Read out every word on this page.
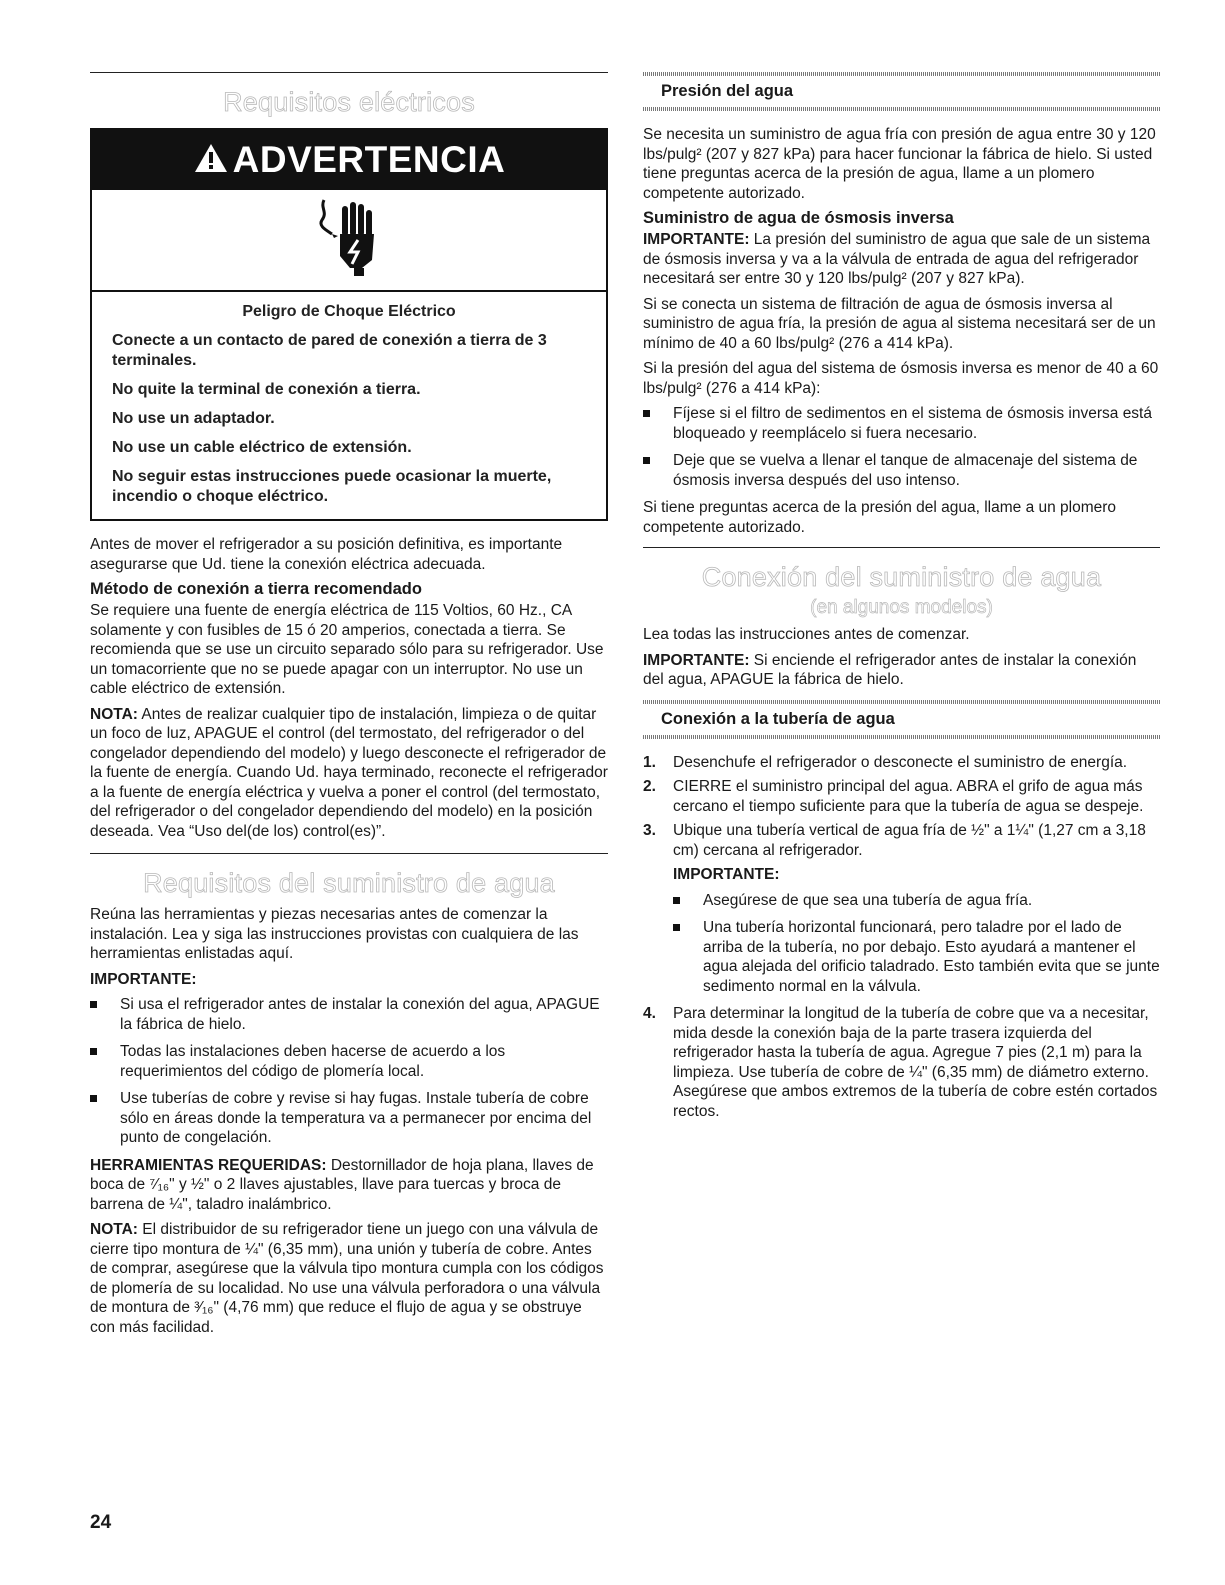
Requisitos eléctricos
ADVERTENCIA

Peligro de Choque Eléctrico

Conecte a un contacto de pared de conexión a tierra de 3 terminales.

No quite la terminal de conexión a tierra.

No use un adaptador.

No use un cable eléctrico de extensión.

No seguir estas instrucciones puede ocasionar la muerte, incendio o choque eléctrico.

Antes de mover el refrigerador a su posición definitiva, es importante asegurarse que Ud. tiene la conexión eléctrica adecuada.

Método de conexión a tierra recomendado

Se requiere una fuente de energía eléctrica de 115 Voltios, 60 Hz., CA solamente y con fusibles de 15 ó 20 amperios, conectada a tierra. Se recomienda que se use un circuito separado sólo para su refrigerador. Use un tomacorriente que no se puede apagar con un interruptor. No use un cable eléctrico de extensión.

NOTA: Antes de realizar cualquier tipo de instalación, limpieza o de quitar un foco de luz, APAGUE el control (del termostato, del refrigerador o del congelador dependiendo del modelo) y luego desconecte el refrigerador de la fuente de energía. Cuando Ud. haya terminado, reconecte el refrigerador a la fuente de energía eléctrica y vuelva a poner el control (del termostato, del refrigerador o del congelador dependiendo del modelo) en la posición deseada. Vea “Uso del(de los) control(es)”.

Requisitos del suministro de agua

Reúna las herramientas y piezas necesarias antes de comenzar la instalación. Lea y siga las instrucciones provistas con cualquiera de las herramientas enlistadas aquí.

IMPORTANTE:

Si usa el refrigerador antes de instalar la conexión del agua, APAGUE la fábrica de hielo.
Todas las instalaciones deben hacerse de acuerdo a los requerimientos del código de plomería local.
Use tuberías de cobre y revise si hay fugas. Instale tubería de cobre sólo en áreas donde la temperatura va a permanecer por encima del punto de congelación.

HERRAMIENTAS REQUERIDAS: Destornillador de hoja plana, llaves de boca de ⁷⁄₁₆" y ½" o 2 llaves ajustables, llave para tuercas y broca de barrena de ¼", taladro inalámbrico.

NOTA: El distribuidor de su refrigerador tiene un juego con una válvula de cierre tipo montura de ¼" (6,35 mm), una unión y tubería de cobre. Antes de comprar, asegúrese que la válvula tipo montura cumpla con los códigos de plomería de su localidad. No use una válvula perforadora o una válvula de montura de ³⁄₁₆" (4,76 mm) que reduce el flujo de agua y se obstruye con más facilidad.

Presión del agua

Se necesita un suministro de agua fría con presión de agua entre 30 y 120 lbs/pulg² (207 y 827 kPa) para hacer funcionar la fábrica de hielo. Si usted tiene preguntas acerca de la presión de agua, llame a un plomero competente autorizado.

Suministro de agua de ósmosis inversa

IMPORTANTE: La presión del suministro de agua que sale de un sistema de ósmosis inversa y va a la válvula de entrada de agua del refrigerador necesitará ser entre 30 y 120 lbs/pulg² (207 y 827 kPa).

Si se conecta un sistema de filtración de agua de ósmosis inversa al suministro de agua fría, la presión de agua al sistema necesitará ser de un mínimo de 40 a 60 lbs/pulg² (276 a 414 kPa).

Si la presión del agua del sistema de ósmosis inversa es menor de 40 a 60 lbs/pulg² (276 a 414 kPa):

Fíjese si el filtro de sedimentos en el sistema de ósmosis inversa está bloqueado y reemplácelo si fuera necesario.
Deje que se vuelva a llenar el tanque de almacenaje del sistema de ósmosis inversa después del uso intenso.

Si tiene preguntas acerca de la presión del agua, llame a un plomero competente autorizado.

Conexión del suministro de agua
(en algunos modelos)

Lea todas las instrucciones antes de comenzar.

IMPORTANTE: Si enciende el refrigerador antes de instalar la conexión del agua, APAGUE la fábrica de hielo.

Conexión a la tubería de agua
1. Desenchufe el refrigerador o desconecte el suministro de energía.
2. CIERRE el suministro principal del agua. ABRA el grifo de agua más cercano el tiempo suficiente para que la tubería de agua se despeje.
3. Ubique una tubería vertical de agua fría de ½" a 1¼" (1,27 cm a 3,18 cm) cercana al refrigerador.

IMPORTANTE:

Asegúrese de que sea una tubería de agua fría.
Una tubería horizontal funcionará, pero taladre por el lado de arriba de la tubería, no por debajo. Esto ayudará a mantener el agua alejada del orificio taladrado. Esto también evita que se junte sedimento normal en la válvula.
4. Para determinar la longitud de la tubería de cobre que va a necesitar, mida desde la conexión baja de la parte trasera izquierda del refrigerador hasta la tubería de agua. Agregue 7 pies (2,1 m) para la limpieza. Use tubería de cobre de ¼" (6,35 mm) de diámetro externo. Asegúrese que ambos extremos de la tubería de cobre estén cortados rectos.
24
